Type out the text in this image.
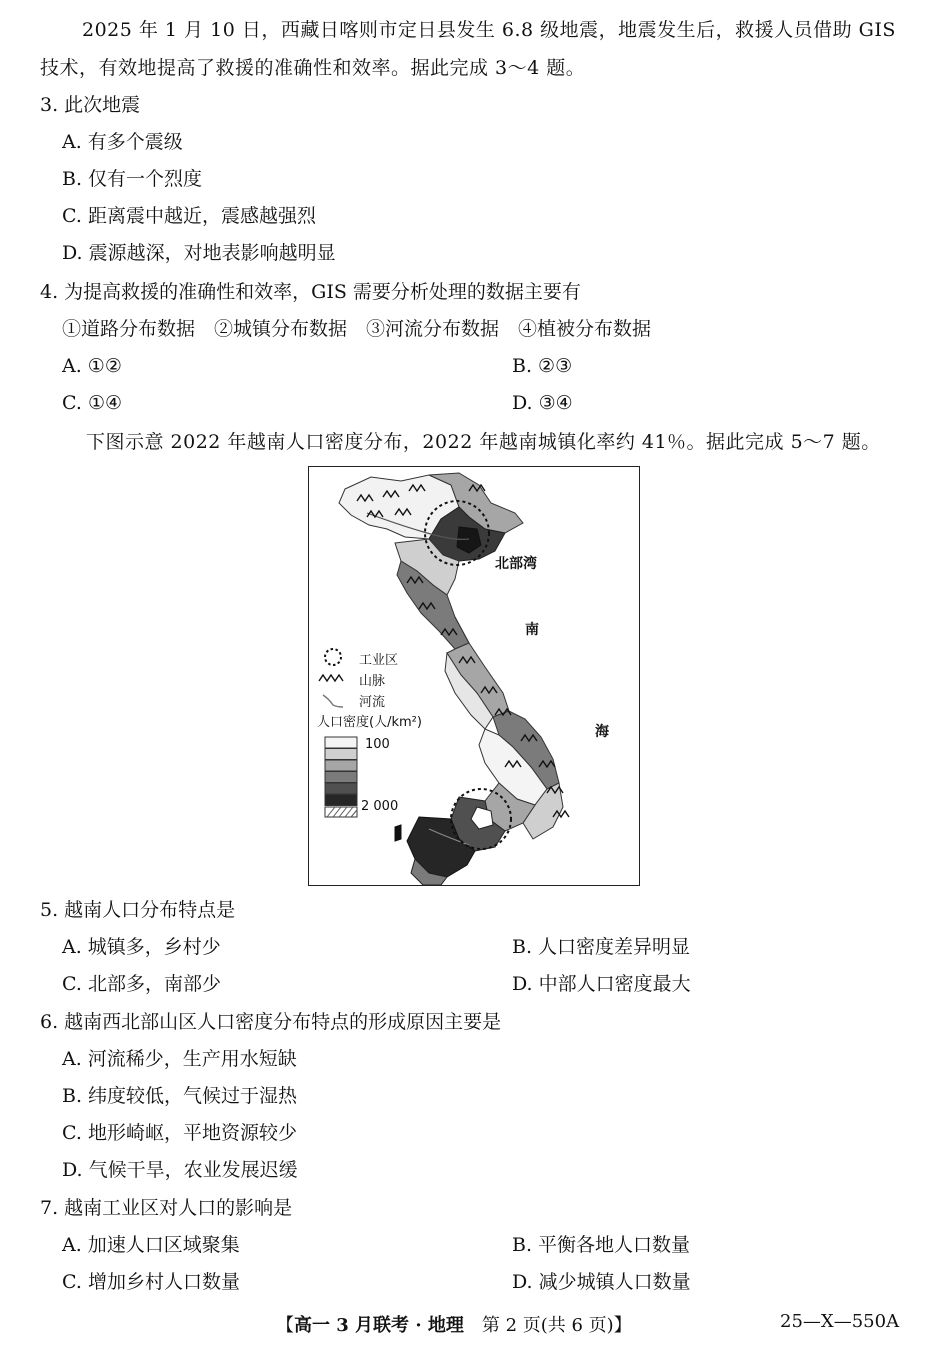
2025 年 1 月 10 日，西藏日喀则市定日县发生 6.8 级地震，地震发生后，救援人员借助 GIS
技术，有效地提高了救援的准确性和效率。据此完成 3～4 题。
3. 此次地震
A. 有多个震级
B. 仅有一个烈度
C. 距离震中越近，震感越强烈
D. 震源越深，对地表影响越明显
4. 为提高救援的准确性和效率，GIS 需要分析处理的数据主要有
①道路分布数据　②城镇分布数据　③河流分布数据　④植被分布数据
A. ①②	B. ②③
C. ①④	D. ③④
下图示意 2022 年越南人口密度分布，2022 年越南城镇化率约 41％。据此完成 5～7 题。
北部湾
南
海
工业区
山脉
河流
人口密度(人/km²)
100
2 000
5. 越南人口分布特点是
A. 城镇多，乡村少	B. 人口密度差异明显
C. 北部多，南部少	D. 中部人口密度最大
6. 越南西北部山区人口密度分布特点的形成原因主要是
A. 河流稀少，生产用水短缺
B. 纬度较低，气候过于湿热
C. 地形崎岖，平地资源较少
D. 气候干旱，农业发展迟缓
7. 越南工业区对人口的影响是
A. 加速人口区域聚集	B. 平衡各地人口数量
C. 增加乡村人口数量	D. 减少城镇人口数量
【高一 3 月联考 · 地理 第 2 页(共 6 页)】	25—X—550A
